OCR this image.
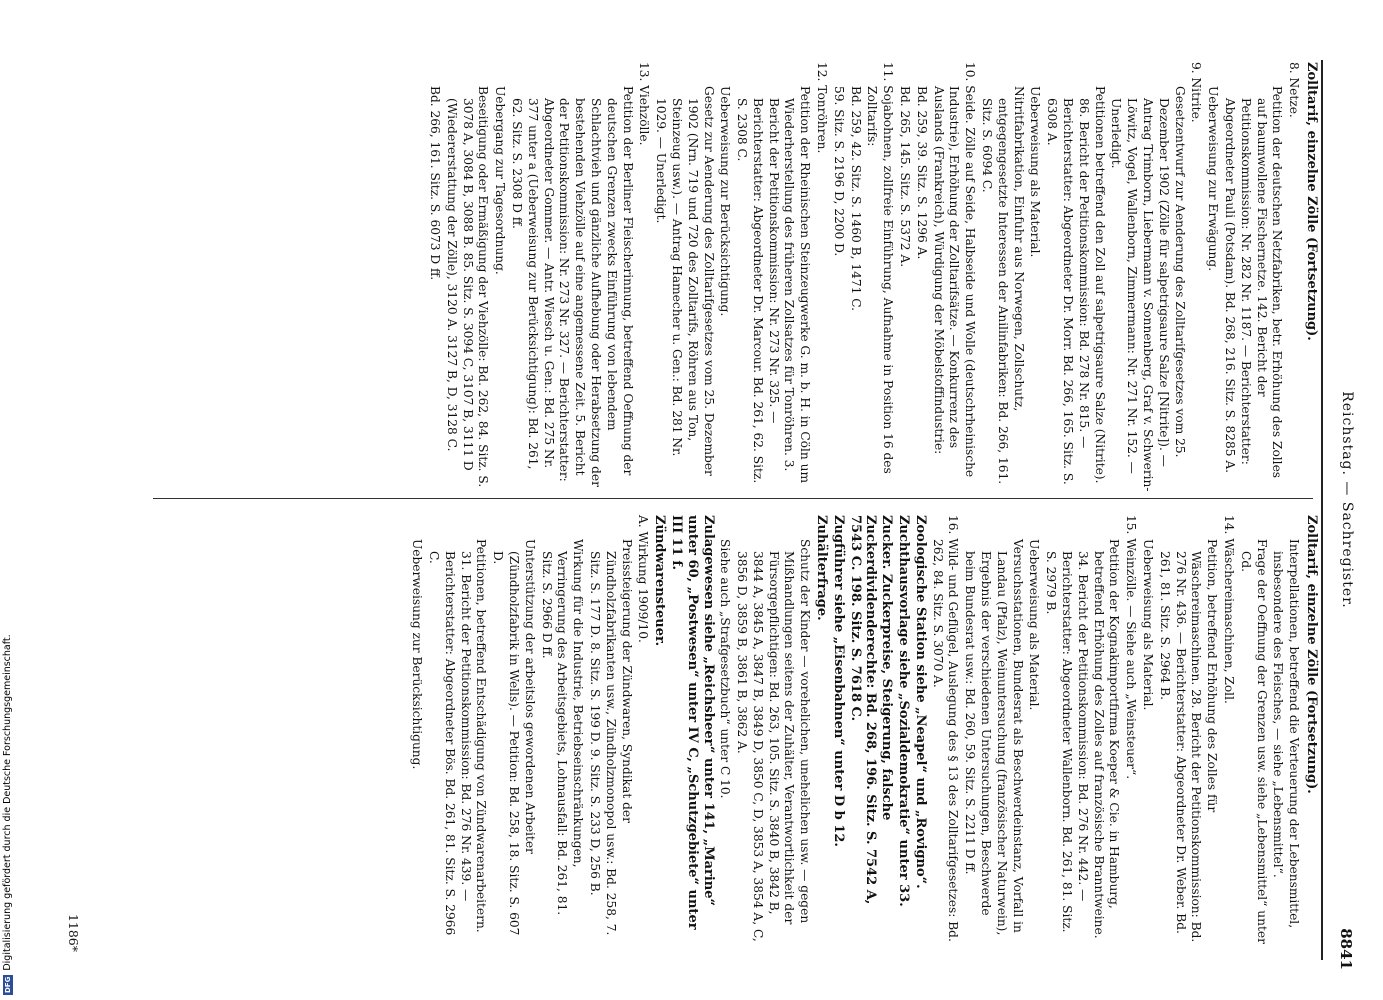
Reichstag. — Sachregister.
8841
Zolltarif, einzelne Zölle (Fortsetzung).
8. Netze.
Petition der deutschen Netzfabriken, betr. Erhöhung des Zolles auf baumwollene Fischernetze. 142. Bericht der Petitionskommission: Nr. 282 Nr. 1187. — Berichterstatter: Abgeordneter Pauli (Potsdam). Bd. 268, 216. Sitz. S. 8285 A.
Ueberweisung zur Erwägung.
9. Nitrite.
Gesetzentwurf zur Aenderung des Zolltarifgesetzes vom 25. Dezember 1902 (Zölle für salpetrigsaure Salze [Nitrite]). — Antrag Trimborn, Liebermann v. Sonnenberg, Graf v. Schwerin-Löwitz, Vogel, Wallenborn, Zimmermann: Nr. 271 Nr. 152. — Unerledigt.
Petitionen betreffend den Zoll auf salpetrigsaure Salze (Nitrite). 86. Bericht der Petitionskommission: Bd. 278 Nr. 815. — Berichterstatter: Abgeordneter Dr. Morr. Bd. 266, 165. Sitz. S. 6308 A.
Ueberweisung als Material.
Nitritfabrikation, Einfuhr aus Norwegen, Zollschutz, entgegengesetzte Interessen der Anilinfabriken: Bd. 266, 161. Sitz. S. 6094 C.
10. Seide. Zölle auf Seide, Halbseide und Wolle (deutschrheinische Industrie), Erhöhung der Zolltarifsätze. — Konkurrenz des Auslands (Frankreich), Würdigung der Möbelstoffindustrie:
Bd. 259, 39. Sitz. S. 1296 A.
Bd. 265, 145. Sitz. S. 5372 A.
11. Sojabohnen, zollfreie Einführung, Aufnahme in Position 16 des Zolltarifs:
Bd. 259, 42. Sitz. S. 1460 B, 1471 C.
59. Sitz. S. 2196 D, 2200 D.
12. Tonröhren.
Petition der Rheinischen Steinzeugwerke G. m. b. H. in Cöln um Wiederherstellung des früheren Zollsatzes für Tonröhren. 3. Bericht der Petitionskommission: Nr. 273 Nr. 325. — Berichterstatter: Abgeordneter Dr. Marcour. Bd. 261, 62. Sitz. S. 2308 C.
Ueberweisung zur Berücksichtigung.
Gesetz zur Aenderung des Zolltarifgesetzes vom 25. Dezember 1902 (Nrn. 719 und 720 des Zolltarifs, Röhren aus Ton, Steinzeug usw.). — Antrag Hamecher u. Gen.: Bd. 281 Nr. 1029. — Unerledigt.
13. Viehzölle.
Petition der Berliner Fleischerinnung, betreffend Oeffnung der deutschen Grenzen zwecks Einführung von lebendem Schlachtvieh und gänzliche Aufhebung oder Herabsetzung der bestehenden Viehzölle auf eine angemessene Zeit. 5. Bericht der Petitionskommission: Nr. 273 Nr. 327. — Berichterstatter: Abgeordneter Gommer. — Antr. Wiesch u. Gen.: Bd. 275 Nr. 377 unter a (Ueberweisung zur Berücksichtigung): Bd. 261, 62. Sitz. S. 2308 D ff.
Uebergang zur Tagesordnung.
Beseitigung oder Ermäßigung der Viehzölle: Bd. 262, 84. Sitz. S. 3078 A, 3084 B, 3088 B. 85. Sitz. S. 3094 C, 3107 B, 3111 D (Wiedererstattung der Zölle), 3120 A. 3127 B, D, 3128 C.
Bd. 266, 161. Sitz. S. 6073 D ff.
Zolltarif, einzelne Zölle (Fortsetzung).
Interpellationen, betreffend die Verteuerung der Lebensmittel, insbesondere des Fleisches, — siehe „Lebensmittel“.
Frage der Oeffnung der Grenzen usw. siehe „Lebensmittel“ unter Cd.
14. Wäschereimaschinen, Zoll.
Petition, betreffend Erhöhung des Zolles für Wäschereimaschinen. 28. Bericht der Petitionskommission: Bd. 276 Nr. 436. — Berichterstatter: Abgeordneter Dr. Weber. Bd. 261, 81. Sitz. S. 2964 B.
Ueberweisung als Material.
15. Weinzölle. — Siehe auch „Weinsteuer“.
Petition der Kognakimportfirma Koeper & Cie. in Hamburg, betreffend Erhöhung des Zolles auf französische Branntweine. 34. Bericht der Petitionskommission: Bd. 276 Nr. 442. — Berichterstatter: Abgeordneter Wallenborn. Bd. 261, 81. Sitz. S. 2979 B.
Ueberweisung als Material.
Versuchsstationen, Bundesrat als Beschwerdeinstanz, Vorfall in Landau (Pfalz), Weinuntersuchung (französischer Naturwein), Ergebnis der verschiedenen Untersuchungen, Beschwerde beim Bundesrat usw.: Bd. 260, 59. Sitz. S. 2211 D ff.
16. Wild- und Geflügel, Auslegung des § 13 des Zolltarifgesetzes: Bd. 262, 84. Sitz. S. 3070 A.
Zoologische Station siehe „Neapel“ und „Rovigno“.
Zuchthausvorlage siehe „Sozialdemokratie“ unter 33.
Zucker. Zuckerpreise, Steigerung, falsche Zuckerdividenderechte: Bd. 268, 196. Sitz. S. 7542 A, 7543 C. 198. Sitz. S. 7618 C.
Zugführer siehe „Eisenbahnen“ unter D b 12.
Zuhälterfrage.
Schutz der Kinder — vorehelichen, unehelichen usw. — gegen Mißhandlungen seitens der Zuhälter, Verantwortlichkeit der Fürsorgepflichtigen: Bd. 263, 105. Sitz. S. 3840 B, 3842 B, 3844 A, 3845 A, 3847 B, 3849 D, 3850 C, D, 3853 A, 3854 A, C, 3856 D, 3859 B, 3861 B, 3862 A.
Siehe auch „Strafgesetzbuch“ unter C 10.
Zulagewesen siehe „Reichsheer“ unter 141, „Marine“ unter 60, „Postwesen“ unter IV C, „Schutzgebiete“ unter III 11 f.
Zündwarensteuer.
A. Wirkung 1909/10.
Preissteigerung der Zündwaren, Syndikat der Zündholzfabrikanten usw., Zündholzmonopol usw.: Bd. 258, 7. Sitz. S. 177 D. 8. Sitz. S. 199 D. 9. Sitz. S. 233 D, 256 B.
Wirkung für die Industrie, Betriebseinschränkungen, Verringerung des Arbeitsgebiets, Lohnausfall: Bd. 261, 81. Sitz. S. 2966 D ff.
Unterstützung der arbeitslos gewordenen Arbeiter (Zündholzfabrik in Wells). — Petition: Bd. 258, 18. Sitz. S. 607 D.
Petitionen, betreffend Entschädigung von Zündwarenarbeitern. 31. Bericht der Petitionskommission: Bd. 276 Nr. 439. — Berichterstatter: Abgeordneter Bös. Bd. 261, 81. Sitz. S. 2966 C.
Ueberweisung zur Berücksichtigung.
1186*
DFG
Digitalisierung gefördert durch die Deutsche Forschungsgemeinschaft.
